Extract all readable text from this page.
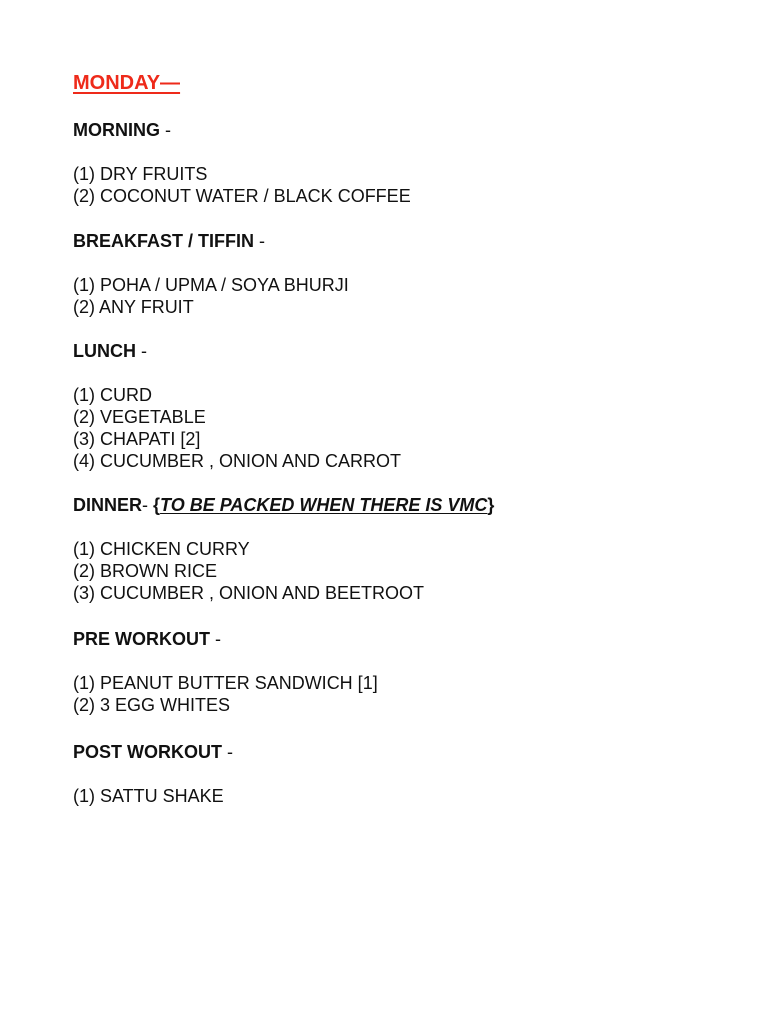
MONDAY—
MORNING -
(1) DRY FRUITS
(2) COCONUT WATER / BLACK COFFEE
BREAKFAST / TIFFIN -
(1) POHA / UPMA / SOYA BHURJI
(2) ANY FRUIT
LUNCH -
(1) CURD
(2) VEGETABLE
(3) CHAPATI [2]
(4) CUCUMBER , ONION AND CARROT
DINNER- {TO BE PACKED WHEN THERE IS VMC}
(1) CHICKEN CURRY
(2) BROWN RICE
(3) CUCUMBER , ONION AND BEETROOT
PRE WORKOUT -
(1) PEANUT BUTTER SANDWICH [1]
(2) 3 EGG WHITES
POST WORKOUT -
(1) SATTU SHAKE
